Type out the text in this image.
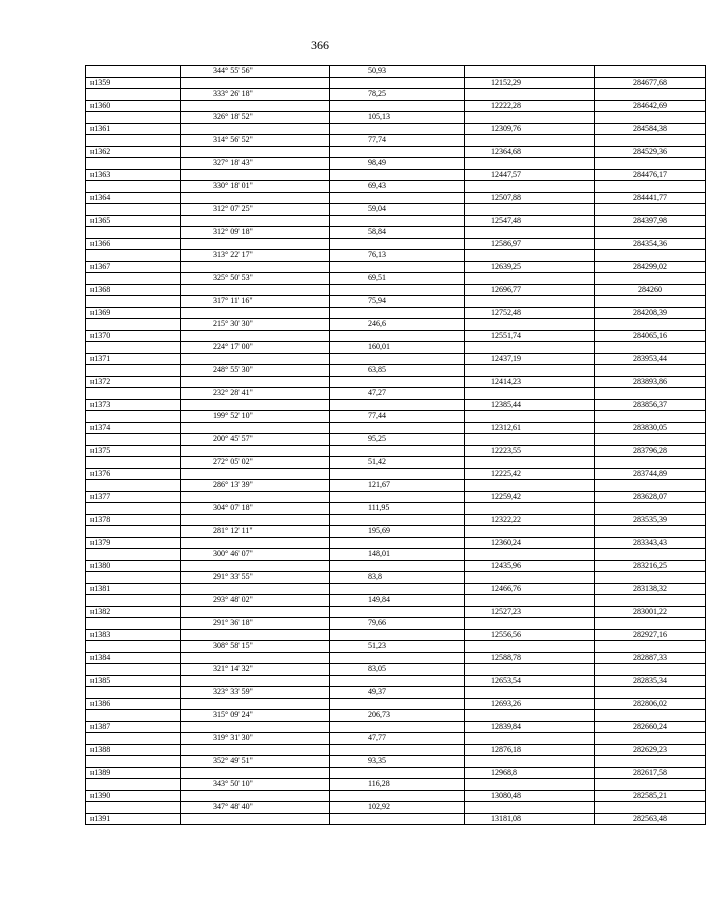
366
	344° 55' 56"	50,93		
н1359			12152,29	284677,68
	333° 26' 18"	78,25		
н1360			12222,28	284642,69
	326° 18' 52"	105,13		
н1361			12309,76	284584,38
	314° 56' 52"	77,74		
н1362			12364,68	284529,36
	327° 18' 43"	98,49		
н1363			12447,57	284476,17
	330° 18' 01"	69,43		
н1364			12507,88	284441,77
	312° 07' 25"	59,04		
н1365			12547,48	284397,98
	312° 09' 18"	58,84		
н1366			12586,97	284354,36
	313° 22' 17"	76,13		
н1367			12639,25	284299,02
	325° 50' 53"	69,51		
н1368			12696,77	284260
	317° 11' 16"	75,94		
н1369			12752,48	284208,39
	215° 30' 30"	246,6		
н1370			12551,74	284065,16
	224° 17' 00"	160,01		
н1371			12437,19	283953,44
	248° 55' 30"	63,85		
н1372			12414,23	283893,86
	232° 28' 41"	47,27		
н1373			12385,44	283856,37
	199° 52' 10"	77,44		
н1374			12312,61	283830,05
	200° 45' 57"	95,25		
н1375			12223,55	283796,28
	272° 05' 02"	51,42		
н1376			12225,42	283744,89
	286° 13' 39"	121,67		
н1377			12259,42	283628,07
	304° 07' 18"	111,95		
н1378			12322,22	283535,39
	281° 12' 11"	195,69		
н1379			12360,24	283343,43
	300° 46' 07"	148,01		
н1380			12435,96	283216,25
	291° 33' 55"	83,8		
н1381			12466,76	283138,32
	293° 48' 02"	149,84		
н1382			12527,23	283001,22
	291° 36' 18"	79,66		
н1383			12556,56	282927,16
	308° 58' 15"	51,23		
н1384			12588,78	282887,33
	321° 14' 32"	83,05		
н1385			12653,54	282835,34
	323° 33' 59"	49,37		
н1386			12693,26	282806,02
	315° 09' 24"	206,73		
н1387			12839,84	282660,24
	319° 31' 30"	47,77		
н1388			12876,18	282629,23
	352° 49' 51"	93,35		
н1389			12968,8	282617,58
	343° 50' 10"	116,28		
н1390			13080,48	282585,21
	347° 48' 40"	102,92		
н1391			13181,08	282563,48
